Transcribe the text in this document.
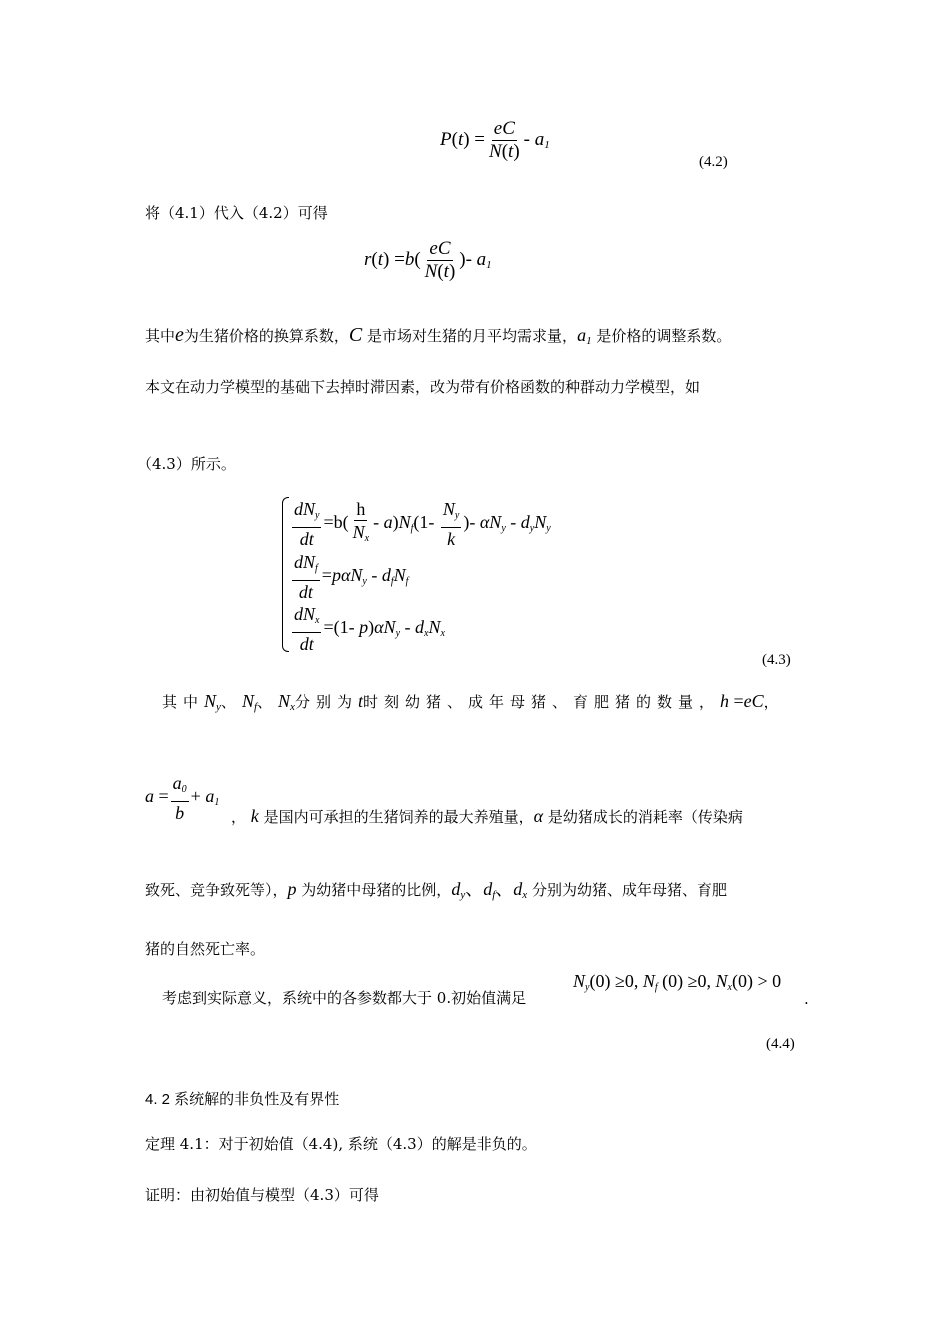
$P(t) = \frac{eC}{N(t)} - a_1$
(4.2)
将（4.1）代入（4.2）可得
$r(t) =b( \frac{eC}{N(t)}$ )- $a_1$
其中e为生猪价格的换算系数，C 是市场对生猪的月平均需求量，$a_1$ 是价格的调整系数。
本文在动力学模型的基础下去掉时滞因素，改为带有价格函数的种群动力学模型，如
（4.3）所示。
$\frac{dN_y}{dt} =b( \frac{h}{N_x} - a)N_f(1- \frac{N_y}{k}$ )- $\alpha N_y - d_yN_y$
$\frac{dN_f}{dt} =p\alpha N_y - d_fN_f$
$\frac{dN_x}{dt} =(1-$ $p)\alpha N_y - d_xN_x$
(4.3)
其中$N_y$、$N_f$、$N_x$分别为t时刻幼猪、成年母猪、育肥猪的数量，h =eC，
$a = \frac{a_0}{b} + a_1$
， k 是国内可承担的生猪饲养的最大养殖量，α 是幼猪成长的消耗率（传染病
致死、竞争致死等），p 为幼猪中母猪的比例，$d_y$、$d_f$、$d_x$ 分别为幼猪、成年母猪、育肥
猪的自然死亡率。
考虑到实际意义，系统中的各参数都大于 0.初始值满足
$N_y(0) \ge 0$, $N_f$ (0) ≥0, $N_x(0) > 0$
.
(4.4)
4. 2 系统解的非负性及有界性
定理 4.1：对于初始值（4.4), 系统（4.3）的解是非负的。
证明：由初始值与模型（4.3）可得
